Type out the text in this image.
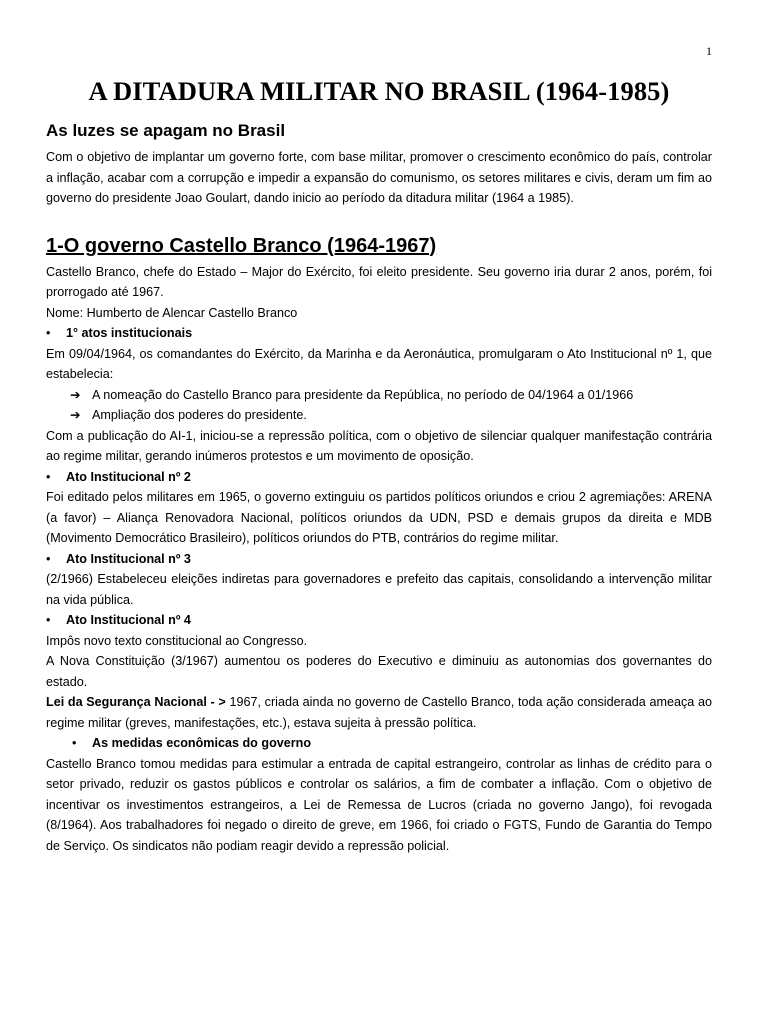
1
A DITADURA MILITAR NO BRASIL (1964-1985)
As luzes se apagam no Brasil

Com o objetivo de implantar um governo forte, com base militar, promover o crescimento econômico do país, controlar a inflação, acabar com a corrupção e impedir a expansão do comunismo, os setores militares e civis, deram um fim ao governo do presidente Joao Goulart, dando inicio ao período da ditadura militar (1964 a 1985).

1-O governo Castello Branco (1964-1967)

Castello Branco, chefe do Estado – Major do Exército, foi eleito presidente. Seu governo iria durar 2 anos, porém, foi prorrogado até 1967.

Nome: Humberto de Alencar Castello Branco
• 1° atos institucionais

Em 09/04/1964, os comandantes do Exército, da Marinha e da Aeronáutica, promulgaram o Ato Institucional nº 1, que estabelecia:

➔ A nomeação do Castello Branco para presidente da República, no período de 04/1964 a 01/1966
➔ Ampliação dos poderes do presidente.

Com a publicação do AI-1, iniciou-se a repressão política, com o objetivo de silenciar qualquer manifestação contrária ao regime militar, gerando inúmeros protestos e um movimento de oposição.

• Ato Institucional nº 2

Foi editado pelos militares em 1965, o governo extinguiu os partidos políticos oriundos e criou 2 agremiações: ARENA (a favor) – Aliança Renovadora Nacional, políticos oriundos da UDN, PSD e demais grupos da direita e MDB (Movimento Democrático Brasileiro), políticos oriundos do PTB, contrários do regime militar.

• Ato Institucional nº 3

(2/1966) Estabeleceu eleições indiretas para governadores e prefeito das capitais, consolidando a intervenção militar na vida pública.

• Ato Institucional nº 4
Impôs novo texto constitucional ao Congresso.

A Nova Constituição (3/1967) aumentou os poderes do Executivo e diminuiu as autonomias dos governantes do estado.

Lei da Segurança Nacional - > 1967, criada ainda no governo de Castello Branco, toda ação considerada ameaça ao regime militar (greves, manifestações, etc.), estava sujeita à pressão política.

• As medidas econômicas do governo

Castello Branco tomou medidas para estimular a entrada de capital estrangeiro, controlar as linhas de crédito para o setor privado, reduzir os gastos públicos e controlar os salários, a fim de combater a inflação. Com o objetivo de incentivar os investimentos estrangeiros, a Lei de Remessa de Lucros (criada no governo Jango), foi revogada (8/1964). Aos trabalhadores foi negado o direito de greve, em 1966, foi criado o FGTS, Fundo de Garantia do Tempo de Serviço. Os sindicatos não podiam reagir devido a repressão policial.
